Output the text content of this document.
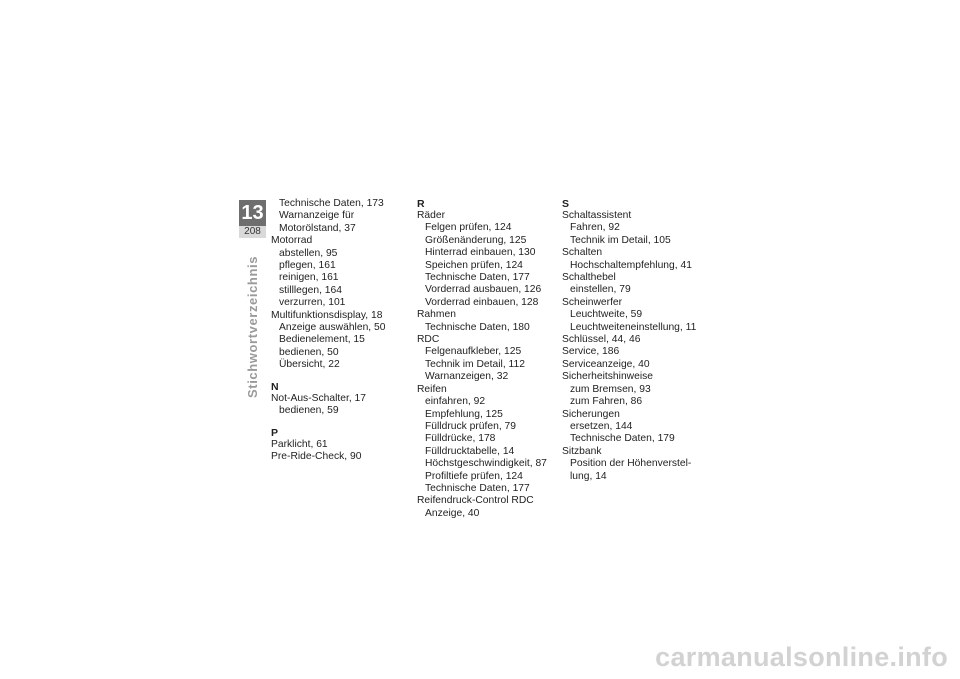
13
208
Stichwortverzeichnis
Technische Daten, 173
Warnanzeige für
Motorölstand, 37
Motorrad
abstellen, 95
pflegen, 161
reinigen, 161
stilllegen, 164
verzurren, 101
Multifunktionsdisplay, 18
Anzeige auswählen, 50
Bedienelement, 15
bedienen, 50
Übersicht, 22
N
Not-Aus-Schalter, 17
bedienen, 59
P
Parklicht, 61
Pre-Ride-Check, 90
R
Räder
Felgen prüfen, 124
Größenänderung, 125
Hinterrad einbauen, 130
Speichen prüfen, 124
Technische Daten, 177
Vorderrad ausbauen, 126
Vorderrad einbauen, 128
Rahmen
Technische Daten, 180
RDC
Felgenaufkleber, 125
Technik im Detail, 112
Warnanzeigen, 32
Reifen
einfahren, 92
Empfehlung, 125
Fülldruck prüfen, 79
Fülldrücke, 178
Fülldrucktabelle, 14
Höchstgeschwindigkeit, 87
Profiltiefe prüfen, 124
Technische Daten, 177
Reifendruck-Control RDC
Anzeige, 40
S
Schaltassistent
Fahren, 92
Technik im Detail, 105
Schalten
Hochschaltempfehlung, 41
Schalthebel
einstellen, 79
Scheinwerfer
Leuchtweite, 59
Leuchtweiteneinstellung, 11
Schlüssel, 44, 46
Service, 186
Serviceanzeige, 40
Sicherheitshinweise
zum Bremsen, 93
zum Fahren, 86
Sicherungen
ersetzen, 144
Technische Daten, 179
Sitzbank
Position der Höhenverstel-
lung, 14
carmanualsonline.info
